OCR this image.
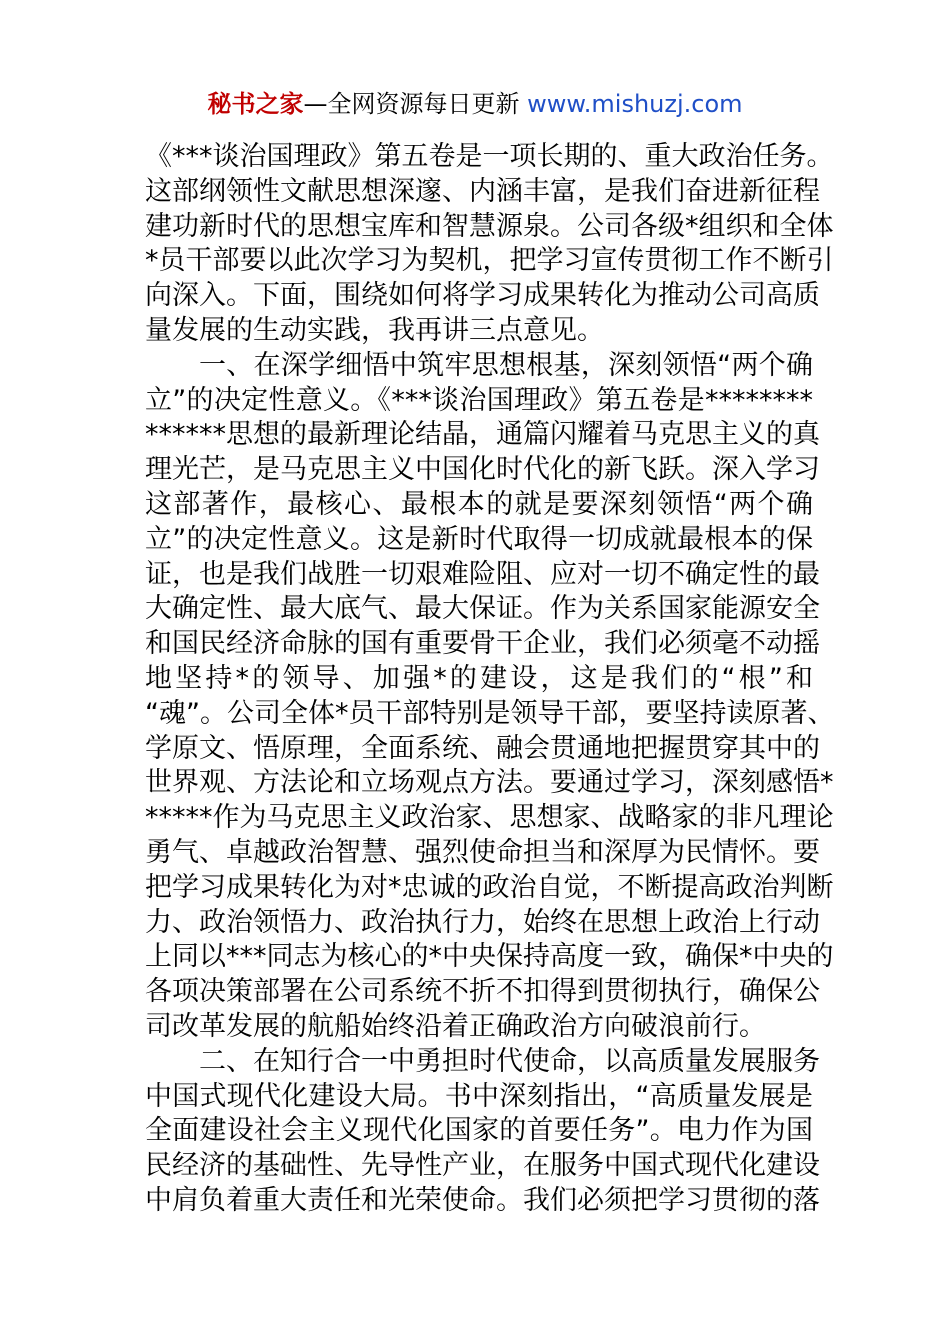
秘书之家—全网资源每日更新 www.mishuzj.com
《***谈治国理政》第五卷是一项长期的、重大政治任务。
这部纲领性文献思想深邃、内涵丰富，是我们奋进新征程
建功新时代的思想宝库和智慧源泉。公司各级*组织和全体
*员干部要以此次学习为契机，把学习宣传贯彻工作不断引
向深入。下面，围绕如何将学习成果转化为推动公司高质
量发展的生动实践，我再讲三点意见。
一、在深学细悟中筑牢思想根基，深刻领悟“两个确
立”的决定性意义。《***谈治国理政》第五卷是********
******思想的最新理论结晶，通篇闪耀着马克思主义的真
理光芒，是马克思主义中国化时代化的新飞跃。深入学习
这部著作，最核心、最根本的就是要深刻领悟“两个确
立”的决定性意义。这是新时代取得一切成就最根本的保
证，也是我们战胜一切艰难险阻、应对一切不确定性的最
大确定性、最大底气、最大保证。作为关系国家能源安全
和国民经济命脉的国有重要骨干企业，我们必须毫不动摇
地坚持*的领导、加强*的建设，这是我们的“根”和
“魂”。公司全体*员干部特别是领导干部，要坚持读原著、
学原文、悟原理，全面系统、融会贯通地把握贯穿其中的
世界观、方法论和立场观点方法。要通过学习，深刻感悟*
*****作为马克思主义政治家、思想家、战略家的非凡理论
勇气、卓越政治智慧、强烈使命担当和深厚为民情怀。要
把学习成果转化为对*忠诚的政治自觉，不断提高政治判断
力、政治领悟力、政治执行力，始终在思想上政治上行动
上同以***同志为核心的*中央保持高度一致，确保*中央的
各项决策部署在公司系统不折不扣得到贯彻执行，确保公
司改革发展的航船始终沿着正确政治方向破浪前行。
二、在知行合一中勇担时代使命，以高质量发展服务
中国式现代化建设大局。书中深刻指出，“高质量发展是
全面建设社会主义现代化国家的首要任务”。电力作为国
民经济的基础性、先导性产业，在服务中国式现代化建设
中肩负着重大责任和光荣使命。我们必须把学习贯彻的落
